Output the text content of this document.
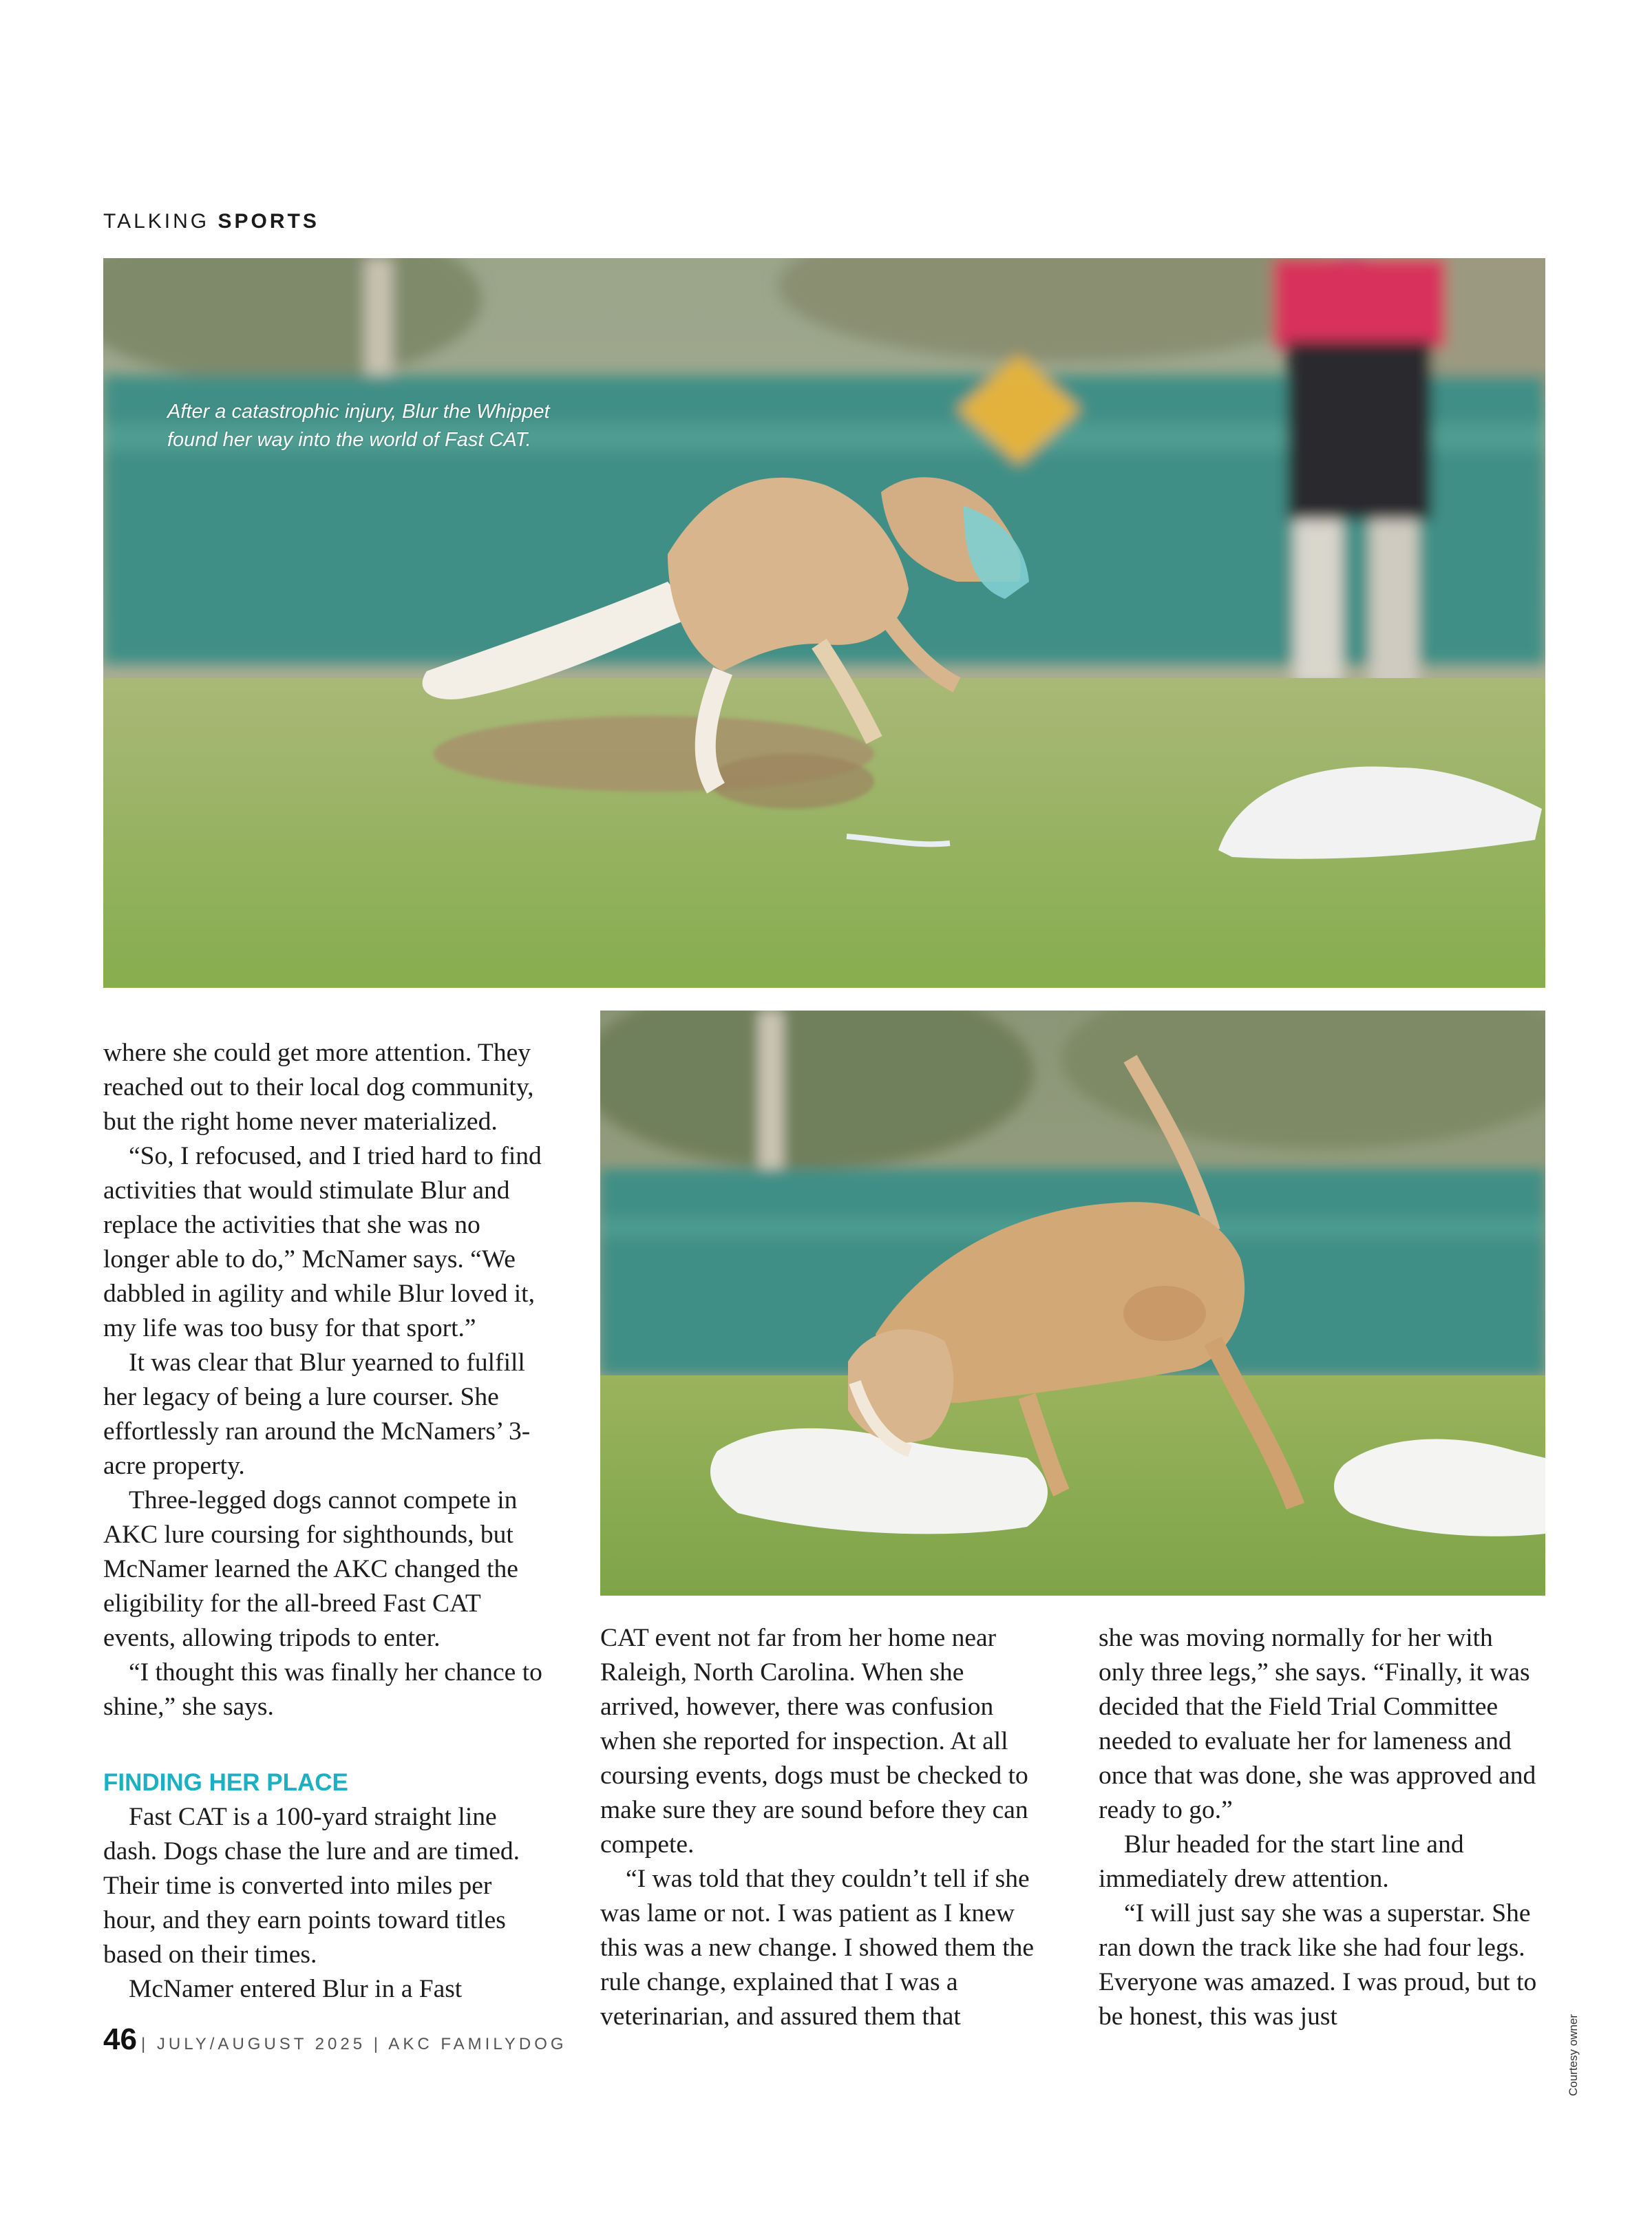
TALKING SPORTS
After a catastrophic injury, Blur the Whippet found her way into the world of Fast CAT.

where she could get more attention. They reached out to their local dog community, but the right home never materialized.

“So, I refocused, and I tried hard to find activities that would stimulate Blur and replace the activities that she was no longer able to do,” McNamer says. “We dabbled in agility and while Blur loved it, my life was too busy for that sport.”

It was clear that Blur yearned to fulfill her legacy of being a lure courser. She effortlessly ran around the McNamers’ 3-acre property.

Three-legged dogs cannot compete in AKC lure coursing for sighthounds, but McNamer learned the AKC changed the eligibility for the all-breed Fast CAT events, allowing tripods to enter.

“I thought this was finally her chance to shine,” she says.

FINDING HER PLACE

Fast CAT is a 100-yard straight line dash. Dogs chase the lure and are timed. Their time is converted into miles per hour, and they earn points toward titles based on their times.

McNamer entered Blur in a Fast

CAT event not far from her home near Raleigh, North Carolina. When she arrived, however, there was confusion when she reported for inspection. At all coursing events, dogs must be checked to make sure they are sound before they can compete.

“I was told that they couldn’t tell if she was lame or not. I was patient as I knew this was a new change. I showed them the rule change, explained that I was a veterinarian, and assured them that

she was moving normally for her with only three legs,” she says. “Finally, it was decided that the Field Trial Committee needed to evaluate her for lameness and once that was done, she was approved and ready to go.”

Blur headed for the start line and immediately drew attention.

“I will just say she was a superstar. She ran down the track like she had four legs. Everyone was amazed. I was proud, but to be honest, this was just	Courtesy owner
46 | JULY/AUGUST 2025 | AKC FAMILYDOG
